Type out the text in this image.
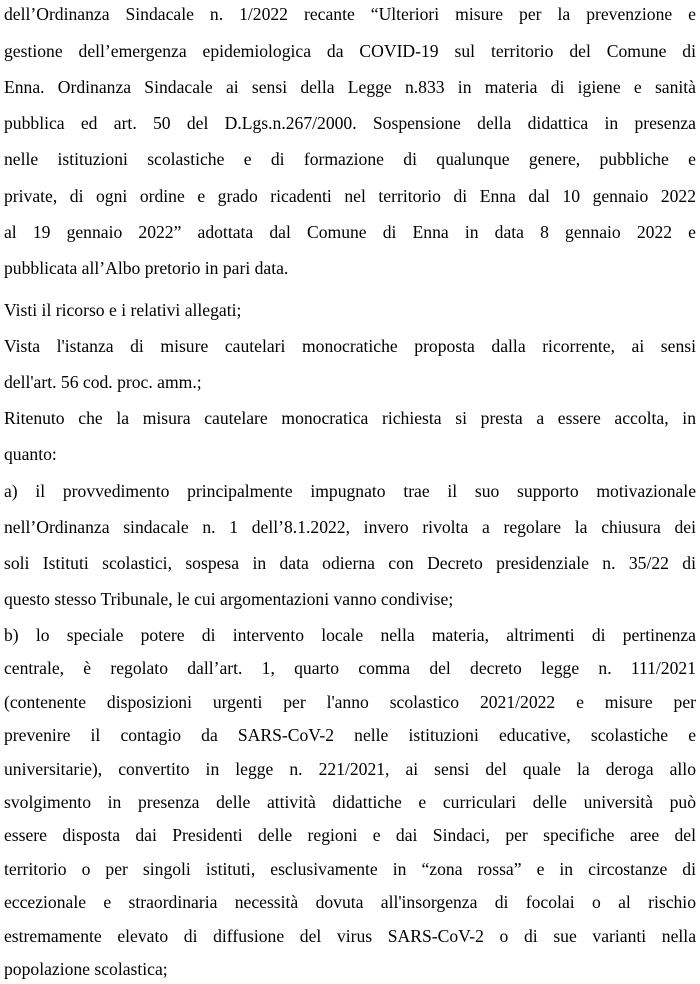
dell’Ordinanza Sindacale n. 1/2022 recante “Ulteriori misure per la prevenzione e
gestione dell’emergenza epidemiologica da COVID-19 sul territorio del Comune di
Enna. Ordinanza Sindacale ai sensi della Legge n.833 in materia di igiene e sanità
pubblica ed art. 50 del D.Lgs.n.267/2000. Sospensione della didattica in presenza
nelle istituzioni scolastiche e di formazione di qualunque genere, pubbliche e
private, di ogni ordine e grado ricadenti nel territorio di Enna dal 10 gennaio 2022
al 19 gennaio 2022” adottata dal Comune di Enna in data 8 gennaio 2022 e
pubblicata all’Albo pretorio in pari data.
Visti il ricorso e i relativi allegati;
Vista l'istanza di misure cautelari monocratiche proposta dalla ricorrente, ai sensi
dell'art. 56 cod. proc. amm.;
Ritenuto che la misura cautelare monocratica richiesta si presta a essere accolta, in
quanto:
a) il provvedimento principalmente impugnato trae il suo supporto motivazionale
nell’Ordinanza sindacale n. 1 dell’8.1.2022, invero rivolta a regolare la chiusura dei
soli Istituti scolastici, sospesa in data odierna con Decreto presidenziale n. 35/22 di
questo stesso Tribunale, le cui argomentazioni vanno condivise;
b) lo speciale potere di intervento locale nella materia, altrimenti di pertinenza
centrale, è regolato dall’art. 1, quarto comma del decreto legge n. 111/2021
(contenente disposizioni urgenti per l'anno scolastico 2021/2022 e misure per
prevenire il contagio da SARS-CoV-2 nelle istituzioni educative, scolastiche e
universitarie), convertito in legge n. 221/2021, ai sensi del quale la deroga allo
svolgimento in presenza delle attività didattiche e curriculari delle università può
essere disposta dai Presidenti delle regioni e dai Sindaci, per specifiche aree del
territorio o per singoli istituti, esclusivamente in “zona rossa” e in circostanze di
eccezionale e straordinaria necessità dovuta all'insorgenza di focolai o al rischio
estremamente elevato di diffusione del virus SARS-CoV-2 o di sue varianti nella
popolazione scolastica;
